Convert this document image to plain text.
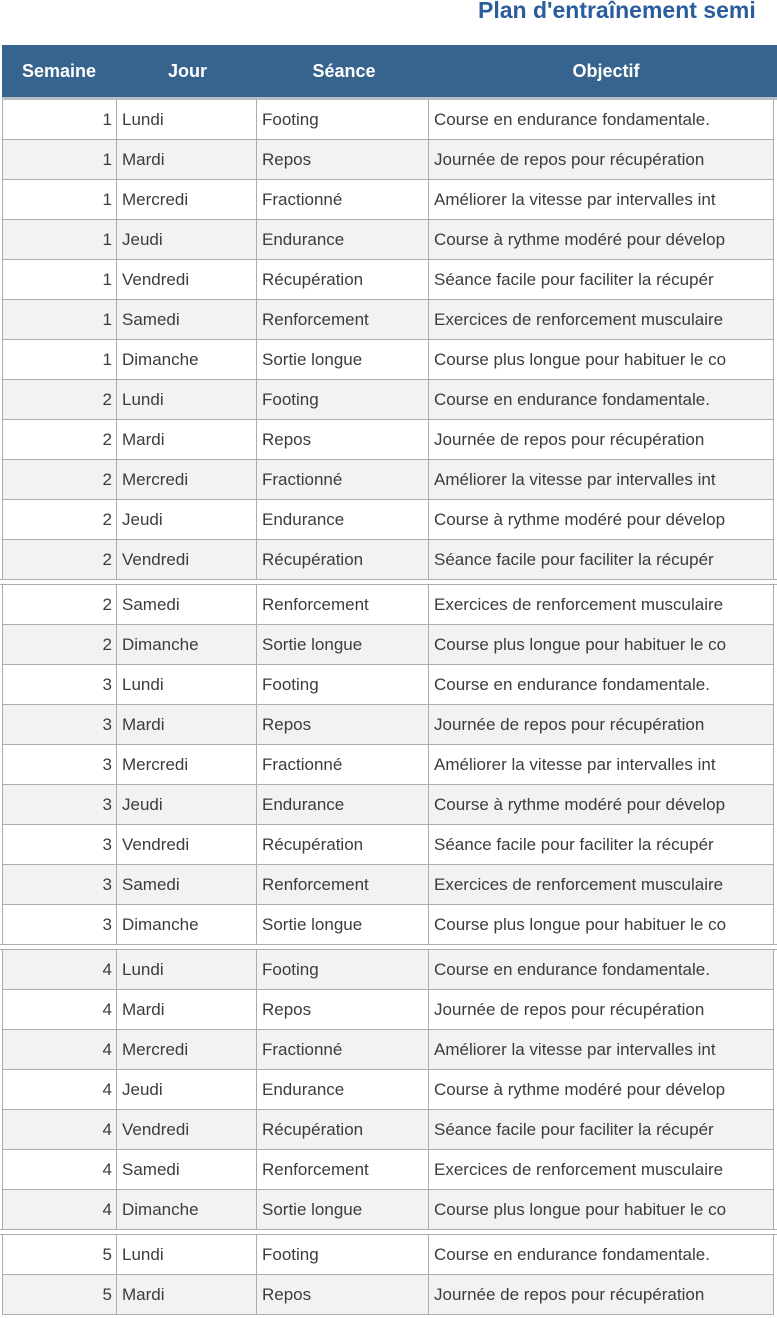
Plan d'entraînement semi
Semaine	Jour	Séance	Objectif
1 Lundi	Footing	Course en endurance fondamentale.
1 Mardi	Repos	Journée de repos pour récupération
1 Mercredi	Fractionné	Améliorer la vitesse par intervalles int
1 Jeudi	Endurance	Course à rythme modéré pour dévelop
1 Vendredi	Récupération	Séance facile pour faciliter la récupér
1 Samedi	Renforcement	Exercices de renforcement musculaire
1 Dimanche	Sortie longue	Course plus longue pour habituer le co
2 Lundi	Footing	Course en endurance fondamentale.
2 Mardi	Repos	Journée de repos pour récupération
2 Mercredi	Fractionné	Améliorer la vitesse par intervalles int
2 Jeudi	Endurance	Course à rythme modéré pour dévelop
2 Vendredi	Récupération	Séance facile pour faciliter la récupér
2 Samedi	Renforcement	Exercices de renforcement musculaire
2 Dimanche	Sortie longue	Course plus longue pour habituer le co
3 Lundi	Footing	Course en endurance fondamentale.
3 Mardi	Repos	Journée de repos pour récupération
3 Mercredi	Fractionné	Améliorer la vitesse par intervalles int
3 Jeudi	Endurance	Course à rythme modéré pour dévelop
3 Vendredi	Récupération	Séance facile pour faciliter la récupér
3 Samedi	Renforcement	Exercices de renforcement musculaire
3 Dimanche	Sortie longue	Course plus longue pour habituer le co
4 Lundi	Footing	Course en endurance fondamentale.
4 Mardi	Repos	Journée de repos pour récupération
4 Mercredi	Fractionné	Améliorer la vitesse par intervalles int
4 Jeudi	Endurance	Course à rythme modéré pour dévelop
4 Vendredi	Récupération	Séance facile pour faciliter la récupér
4 Samedi	Renforcement	Exercices de renforcement musculaire
4 Dimanche	Sortie longue	Course plus longue pour habituer le co
5 Lundi	Footing	Course en endurance fondamentale.
5 Mardi	Repos	Journée de repos pour récupération
